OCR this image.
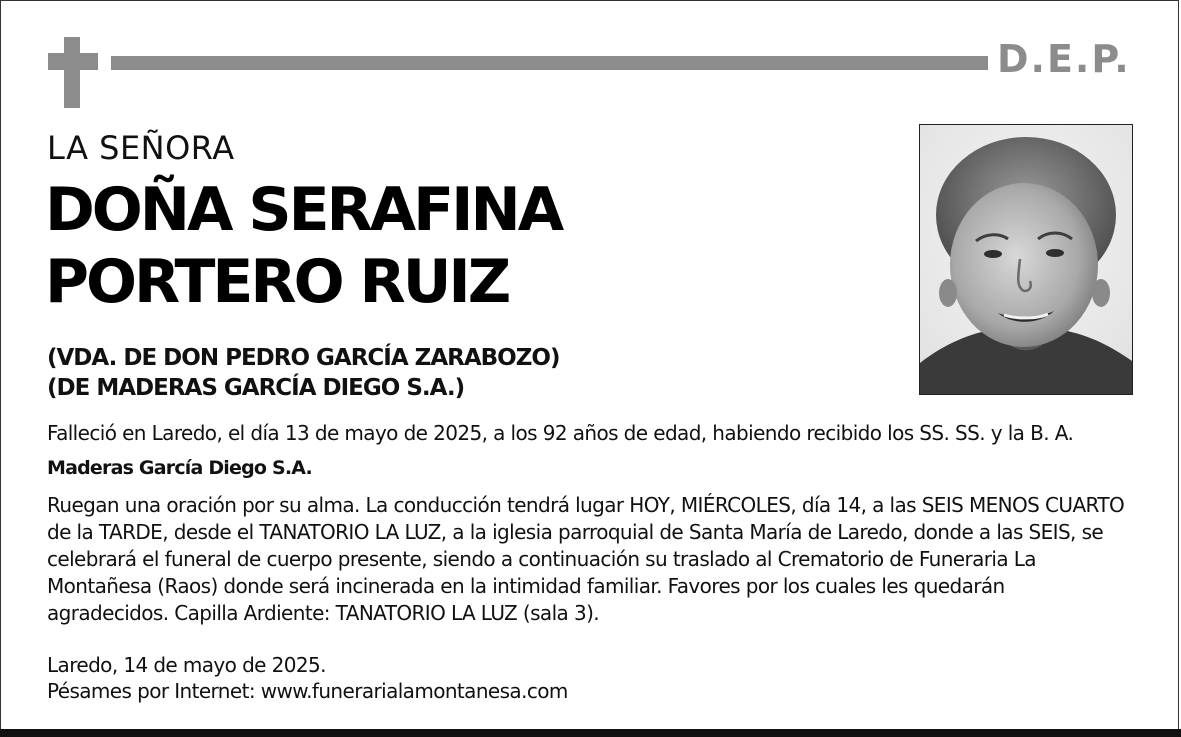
D.E.P.
LA SEÑORA
DOÑA SERAFINA
PORTERO RUIZ
(VDA. DE DON PEDRO GARCÍA ZARABOZO)
(DE MADERAS GARCÍA DIEGO S.A.)
Falleció en Laredo, el día 13 de mayo de 2025, a los 92 años de edad, habiendo recibido los SS. SS. y la B. A.
Maderas García Diego S.A.
Ruegan una oración por su alma. La conducción tendrá lugar HOY, MIÉRCOLES, día 14, a las SEIS MENOS CUARTO de la TARDE, desde el TANATORIO LA LUZ, a la iglesia parroquial de Santa María de Laredo, donde a las SEIS, se celebrará el funeral de cuerpo presente, siendo a continuación su traslado al Crematorio de Funeraria La Montañesa (Raos) donde será incinerada en la intimidad familiar. Favores por los cuales les quedarán agradecidos. Capilla Ardiente: TANATORIO LA LUZ (sala 3).
Laredo, 14 de mayo de 2025.
Pésames por Internet: www.funerarialamontanesa.com
